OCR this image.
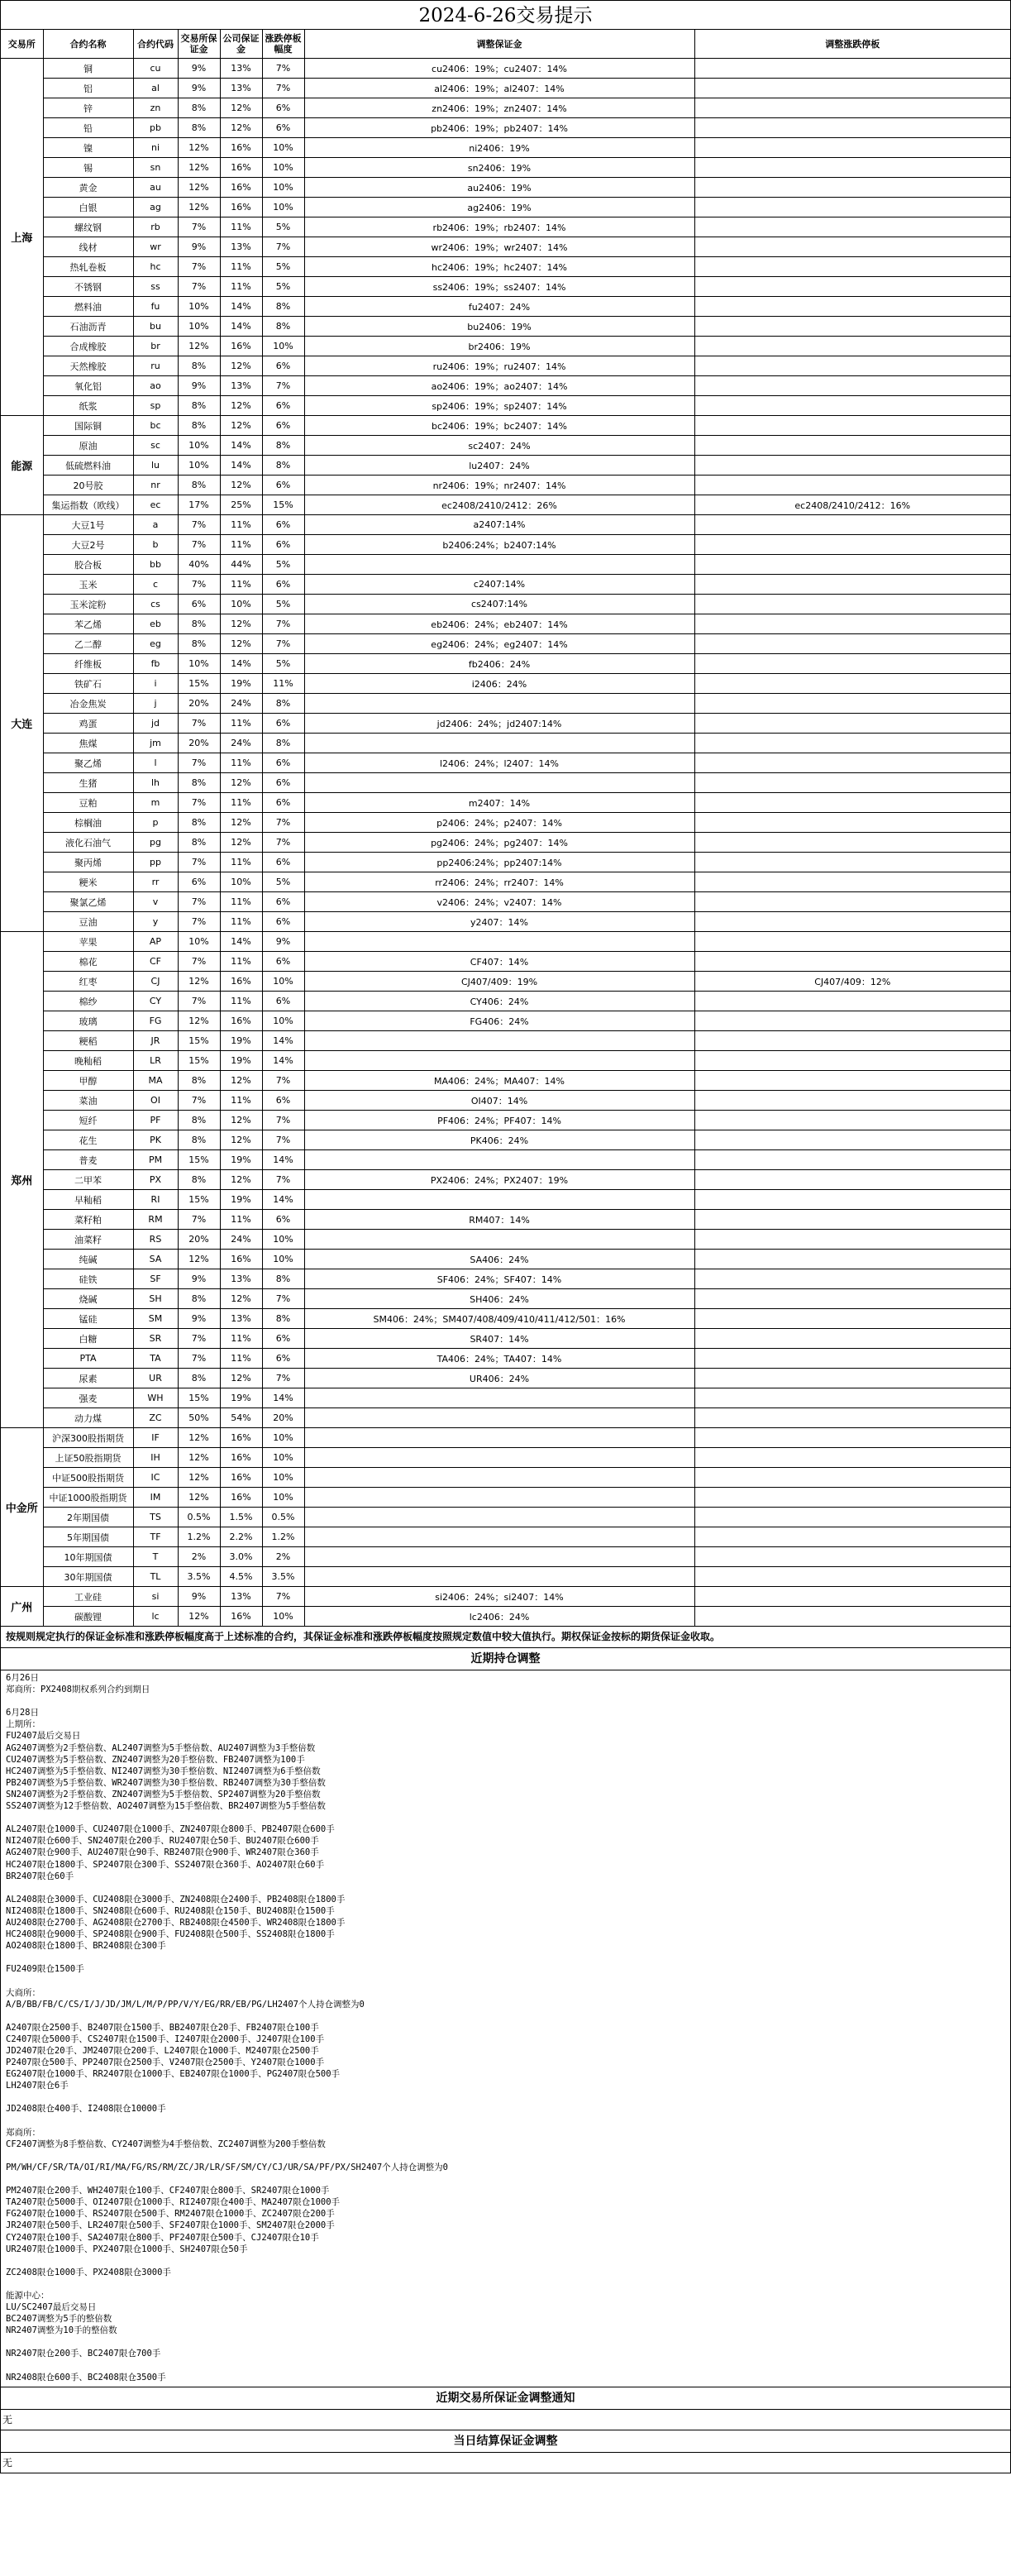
2024-6-26交易提示
交易所	合约名称	合约代码	交易所保证金	公司保证金	涨跌停板幅度	调整保证金	调整涨跌停板
上海	铜	cu	9%	13%	7%	cu2406：19%；cu2407：14%	
	铝	al	9%	13%	7%	al2406：19%；al2407：14%	
	锌	zn	8%	12%	6%	zn2406：19%；zn2407：14%	
	铅	pb	8%	12%	6%	pb2406：19%；pb2407：14%	
	镍	ni	12%	16%	10%	ni2406：19%	
	锡	sn	12%	16%	10%	sn2406：19%	
	黄金	au	12%	16%	10%	au2406：19%	
	白银	ag	12%	16%	10%	ag2406：19%	
	螺纹钢	rb	7%	11%	5%	rb2406：19%；rb2407：14%	
	线材	wr	9%	13%	7%	wr2406：19%；wr2407：14%	
	热轧卷板	hc	7%	11%	5%	hc2406：19%；hc2407：14%	
	不锈钢	ss	7%	11%	5%	ss2406：19%；ss2407：14%	
	燃料油	fu	10%	14%	8%	fu2407：24%	
	石油沥青	bu	10%	14%	8%	bu2406：19%	
	合成橡胶	br	12%	16%	10%	br2406：19%	
	天然橡胶	ru	8%	12%	6%	ru2406：19%；ru2407：14%	
	氧化铝	ao	9%	13%	7%	ao2406：19%；ao2407：14%	
	纸浆	sp	8%	12%	6%	sp2406：19%；sp2407：14%	
能源	国际铜	bc	8%	12%	6%	bc2406：19%；bc2407：14%	
	原油	sc	10%	14%	8%	sc2407：24%	
	低硫燃料油	lu	10%	14%	8%	lu2407：24%	
	20号胶	nr	8%	12%	6%	nr2406：19%；nr2407：14%	
	集运指数（欧线）	ec	17%	25%	15%	ec2408/2410/2412：26%	ec2408/2410/2412：16%
大连	大豆1号	a	7%	11%	6%	a2407:14%	
	大豆2号	b	7%	11%	6%	b2406:24%；b2407:14%	
	胶合板	bb	40%	44%	5%		
	玉米	c	7%	11%	6%	c2407:14%	
	玉米淀粉	cs	6%	10%	5%	cs2407:14%	
	苯乙烯	eb	8%	12%	7%	eb2406：24%；eb2407：14%	
	乙二醇	eg	8%	12%	7%	eg2406：24%；eg2407：14%	
	纤维板	fb	10%	14%	5%	fb2406：24%	
	铁矿石	i	15%	19%	11%	i2406：24%	
	冶金焦炭	j	20%	24%	8%		
	鸡蛋	jd	7%	11%	6%	jd2406：24%；jd2407:14%	
	焦煤	jm	20%	24%	8%		
	聚乙烯	l	7%	11%	6%	l2406：24%；l2407：14%	
	生猪	lh	8%	12%	6%		
	豆粕	m	7%	11%	6%	m2407：14%	
	棕榈油	p	8%	12%	7%	p2406：24%；p2407：14%	
	液化石油气	pg	8%	12%	7%	pg2406：24%；pg2407：14%	
	聚丙烯	pp	7%	11%	6%	pp2406:24%；pp2407:14%	
	粳米	rr	6%	10%	5%	rr2406：24%；rr2407：14%	
	聚氯乙烯	v	7%	11%	6%	v2406：24%；v2407：14%	
	豆油	y	7%	11%	6%	y2407：14%	
郑州	苹果	AP	10%	14%	9%		
	棉花	CF	7%	11%	6%	CF407：14%	
	红枣	CJ	12%	16%	10%	CJ407/409：19%	CJ407/409：12%
	棉纱	CY	7%	11%	6%	CY406：24%	
	玻璃	FG	12%	16%	10%	FG406：24%	
	粳稻	JR	15%	19%	14%		
	晚籼稻	LR	15%	19%	14%		
	甲醇	MA	8%	12%	7%	MA406：24%；MA407：14%	
	菜油	OI	7%	11%	6%	OI407：14%	
	短纤	PF	8%	12%	7%	PF406：24%；PF407：14%	
	花生	PK	8%	12%	7%	PK406：24%	
	普麦	PM	15%	19%	14%		
	二甲苯	PX	8%	12%	7%	PX2406：24%；PX2407：19%	
	早籼稻	RI	15%	19%	14%		
	菜籽粕	RM	7%	11%	6%	RM407：14%	
	油菜籽	RS	20%	24%	10%		
	纯碱	SA	12%	16%	10%	SA406：24%	
	硅铁	SF	9%	13%	8%	SF406：24%；SF407：14%	
	烧碱	SH	8%	12%	7%	SH406：24%	
	锰硅	SM	9%	13%	8%	SM406：24%；SM407/408/409/410/411/412/501：16%	
	白糖	SR	7%	11%	6%	SR407：14%	
	PTA	TA	7%	11%	6%	TA406：24%；TA407：14%	
	尿素	UR	8%	12%	7%	UR406：24%	
	强麦	WH	15%	19%	14%		
	动力煤	ZC	50%	54%	20%		
中金所	沪深300股指期货	IF	12%	16%	10%		
	上证50股指期货	IH	12%	16%	10%		
	中证500股指期货	IC	12%	16%	10%		
	中证1000股指期货	IM	12%	16%	10%		
	2年期国债	TS	0.5%	1.5%	0.5%		
	5年期国债	TF	1.2%	2.2%	1.2%		
	10年期国债	T	2%	3.0%	2%		
	30年期国债	TL	3.5%	4.5%	3.5%		
广州	工业硅	si	9%	13%	7%	si2406：24%；si2407：14%	
	碳酸锂	lc	12%	16%	10%	lc2406：24%	
按规则规定执行的保证金标准和涨跌停板幅度高于上述标准的合约，其保证金标准和涨跌停板幅度按照规定数值中较大值执行。期权保证金按标的期货保证金收取。
近期持仓调整
6月26日
郑商所：PX2408期权系列合约到期日
6月28日
上期所：
FU2407最后交易日
AG2407调整为2手整倍数、AL2407调整为5手整倍数、AU2407调整为3手整倍数
CU2407调整为5手整倍数、ZN2407调整为20手整倍数、FB2407调整为100手
HC2407调整为5手整倍数、NI2407调整为30手整倍数、NI2407调整为6手整倍数
PB2407调整为5手整倍数、WR2407调整为30手整倍数、RB2407调整为30手整倍数
SN2407调整为2手整倍数、ZN2407调整为5手整倍数、SP2407调整为20手整倍数
SS2407调整为12手整倍数、AO2407调整为15手整倍数、BR2407调整为5手整倍数
AL2407限仓1000手、CU2407限仓1000手、ZN2407限仓800手、PB2407限仓600手
NI2407限仓600手、SN2407限仓200手、RU2407限仓50手、BU2407限仓600手
AG2407限仓900手、AU2407限仓90手、RB2407限仓900手、WR2407限仓360手
HC2407限仓1800手、SP2407限仓300手、SS2407限仓360手、AO2407限仓60手
BR2407限仓60手
AL2408限仓3000手、CU2408限仓3000手、ZN2408限仓2400手、PB2408限仓1800手
NI2408限仓1800手、SN2408限仓600手、RU2408限仓150手、BU2408限仓1500手
AU2408限仓2700手、AG2408限仓2700手、RB2408限仓4500手、WR2408限仓1800手
HC2408限仓9000手、SP2408限仓900手、FU2408限仓500手、SS2408限仓1800手
AO2408限仓1800手、BR2408限仓300手
FU2409限仓1500手
大商所：
A/B/BB/FB/C/CS/I/J/JD/JM/L/M/P/PP/V/Y/EG/RR/EB/PG/LH2407个人持仓调整为0
A2407限仓2500手、B2407限仓1500手、BB2407限仓20手、FB2407限仓100手
C2407限仓5000手、CS2407限仓1500手、I2407限仓2000手、J2407限仓100手
JD2407限仓20手、JM2407限仓200手、L2407限仓1000手、M2407限仓2500手
P2407限仓500手、PP2407限仓2500手、V2407限仓2500手、Y2407限仓1000手
EG2407限仓1000手、RR2407限仓1000手、EB2407限仓1000手、PG2407限仓500手
LH2407限仓6手
JD2408限仓400手、I2408限仓10000手
郑商所：
CF2407调整为8手整倍数、CY2407调整为4手整倍数、ZC2407调整为200手整倍数
PM/WH/CF/SR/TA/OI/RI/MA/FG/RS/RM/ZC/JR/LR/SF/SM/CY/CJ/UR/SA/PF/PX/SH2407个人持仓调整为0
PM2407限仓200手、WH2407限仓100手、CF2407限仓800手、SR2407限仓1000手
TA2407限仓5000手、OI2407限仓1000手、RI2407限仓400手、MA2407限仓1000手
FG2407限仓1000手、RS2407限仓500手、RM2407限仓1000手、ZC2407限仓200手
JR2407限仓500手、LR2407限仓500手、SF2407限仓1000手、SM2407限仓2000手
CY2407限仓100手、SA2407限仓800手、PF2407限仓500手、CJ2407限仓10手
UR2407限仓1000手、PX2407限仓1000手、SH2407限仓50手
ZC2408限仓1000手、PX2408限仓3000手
能源中心：
LU/SC2407最后交易日
BC2407调整为5手的整倍数
NR2407调整为10手的整倍数
NR2407限仓200手、BC2407限仓700手
NR2408限仓600手、BC2408限仓3500手
近期交易所保证金调整通知
无
当日结算保证金调整
无
